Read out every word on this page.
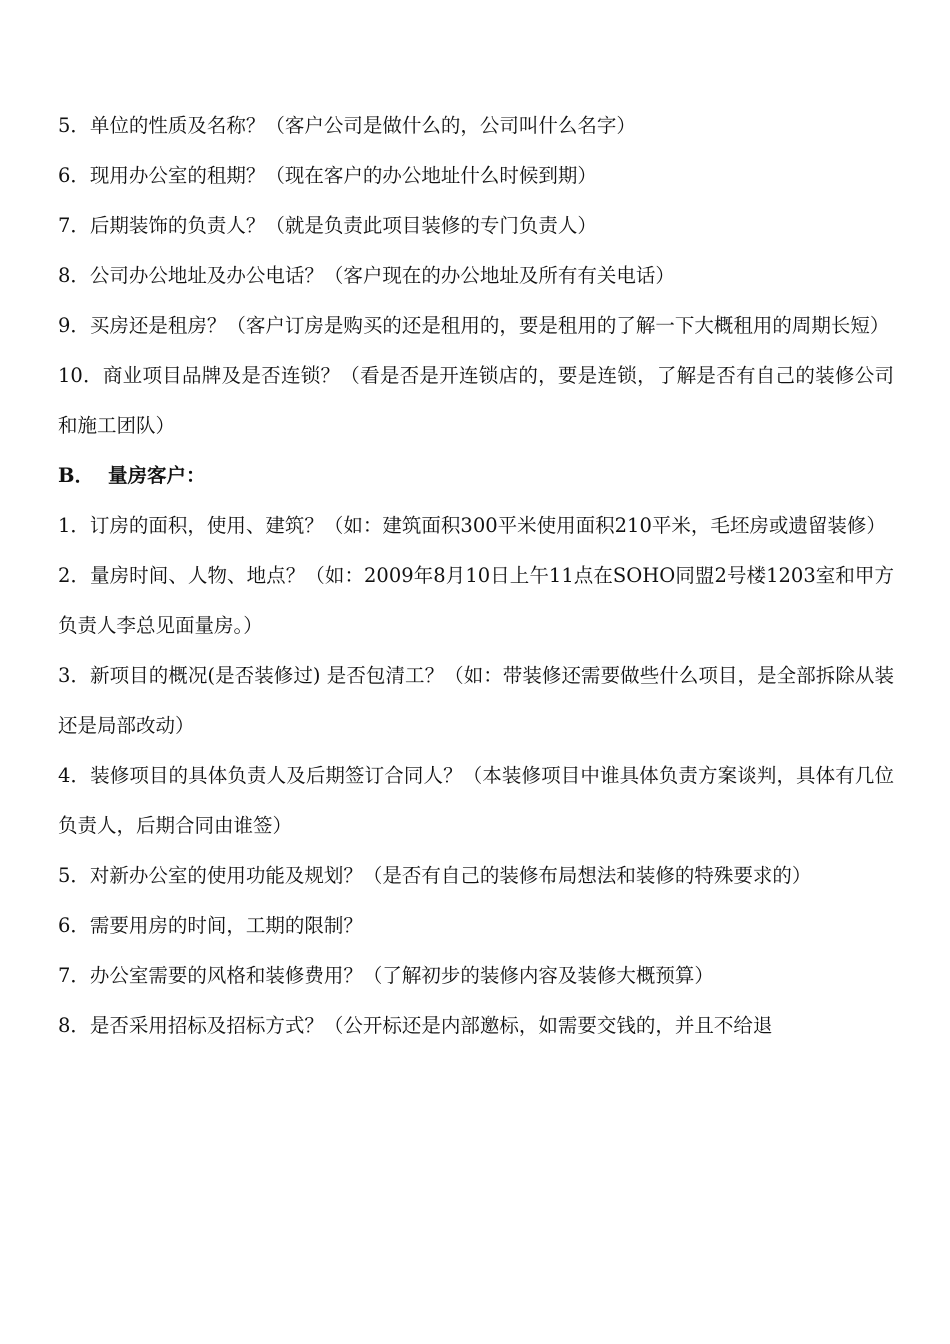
5．单位的性质及名称？（客户公司是做什么的，公司叫什么名字）

6．现用办公室的租期？（现在客户的办公地址什么时候到期）

7．后期装饰的负责人？（就是负责此项目装修的专门负责人）

8．公司办公地址及办公电话？（客户现在的办公地址及所有有关电话）

9．买房还是租房？（客户订房是购买的还是租用的，要是租用的了解一下大概租用的周期长短）

10．商业项目品牌及是否连锁？（看是否是开连锁店的，要是连锁，了解是否有自己的装修公司和施工团队）

B． 量房客户：

1．订房的面积，使用、建筑？（如：建筑面积300平米使用面积210平米，毛坯房或遗留装修）

2．量房时间、人物、地点？（如：2009年8月10日上午11点在SOHO同盟2号楼1203室和甲方负责人李总见面量房。）

3．新项目的概况(是否装修过) 是否包清工？（如：带装修还需要做些什么项目，是全部拆除从装还是局部改动）

4．装修项目的具体负责人及后期签订合同人？（本装修项目中谁具体负责方案谈判，具体有几位负责人，后期合同由谁签）

5．对新办公室的使用功能及规划？（是否有自己的装修布局想法和装修的特殊要求的）

6．需要用房的时间，工期的限制？

7．办公室需要的风格和装修费用？（了解初步的装修内容及装修大概预算）

8．是否采用招标及招标方式？（公开标还是内部邀标，如需要交钱的，并且不给退
